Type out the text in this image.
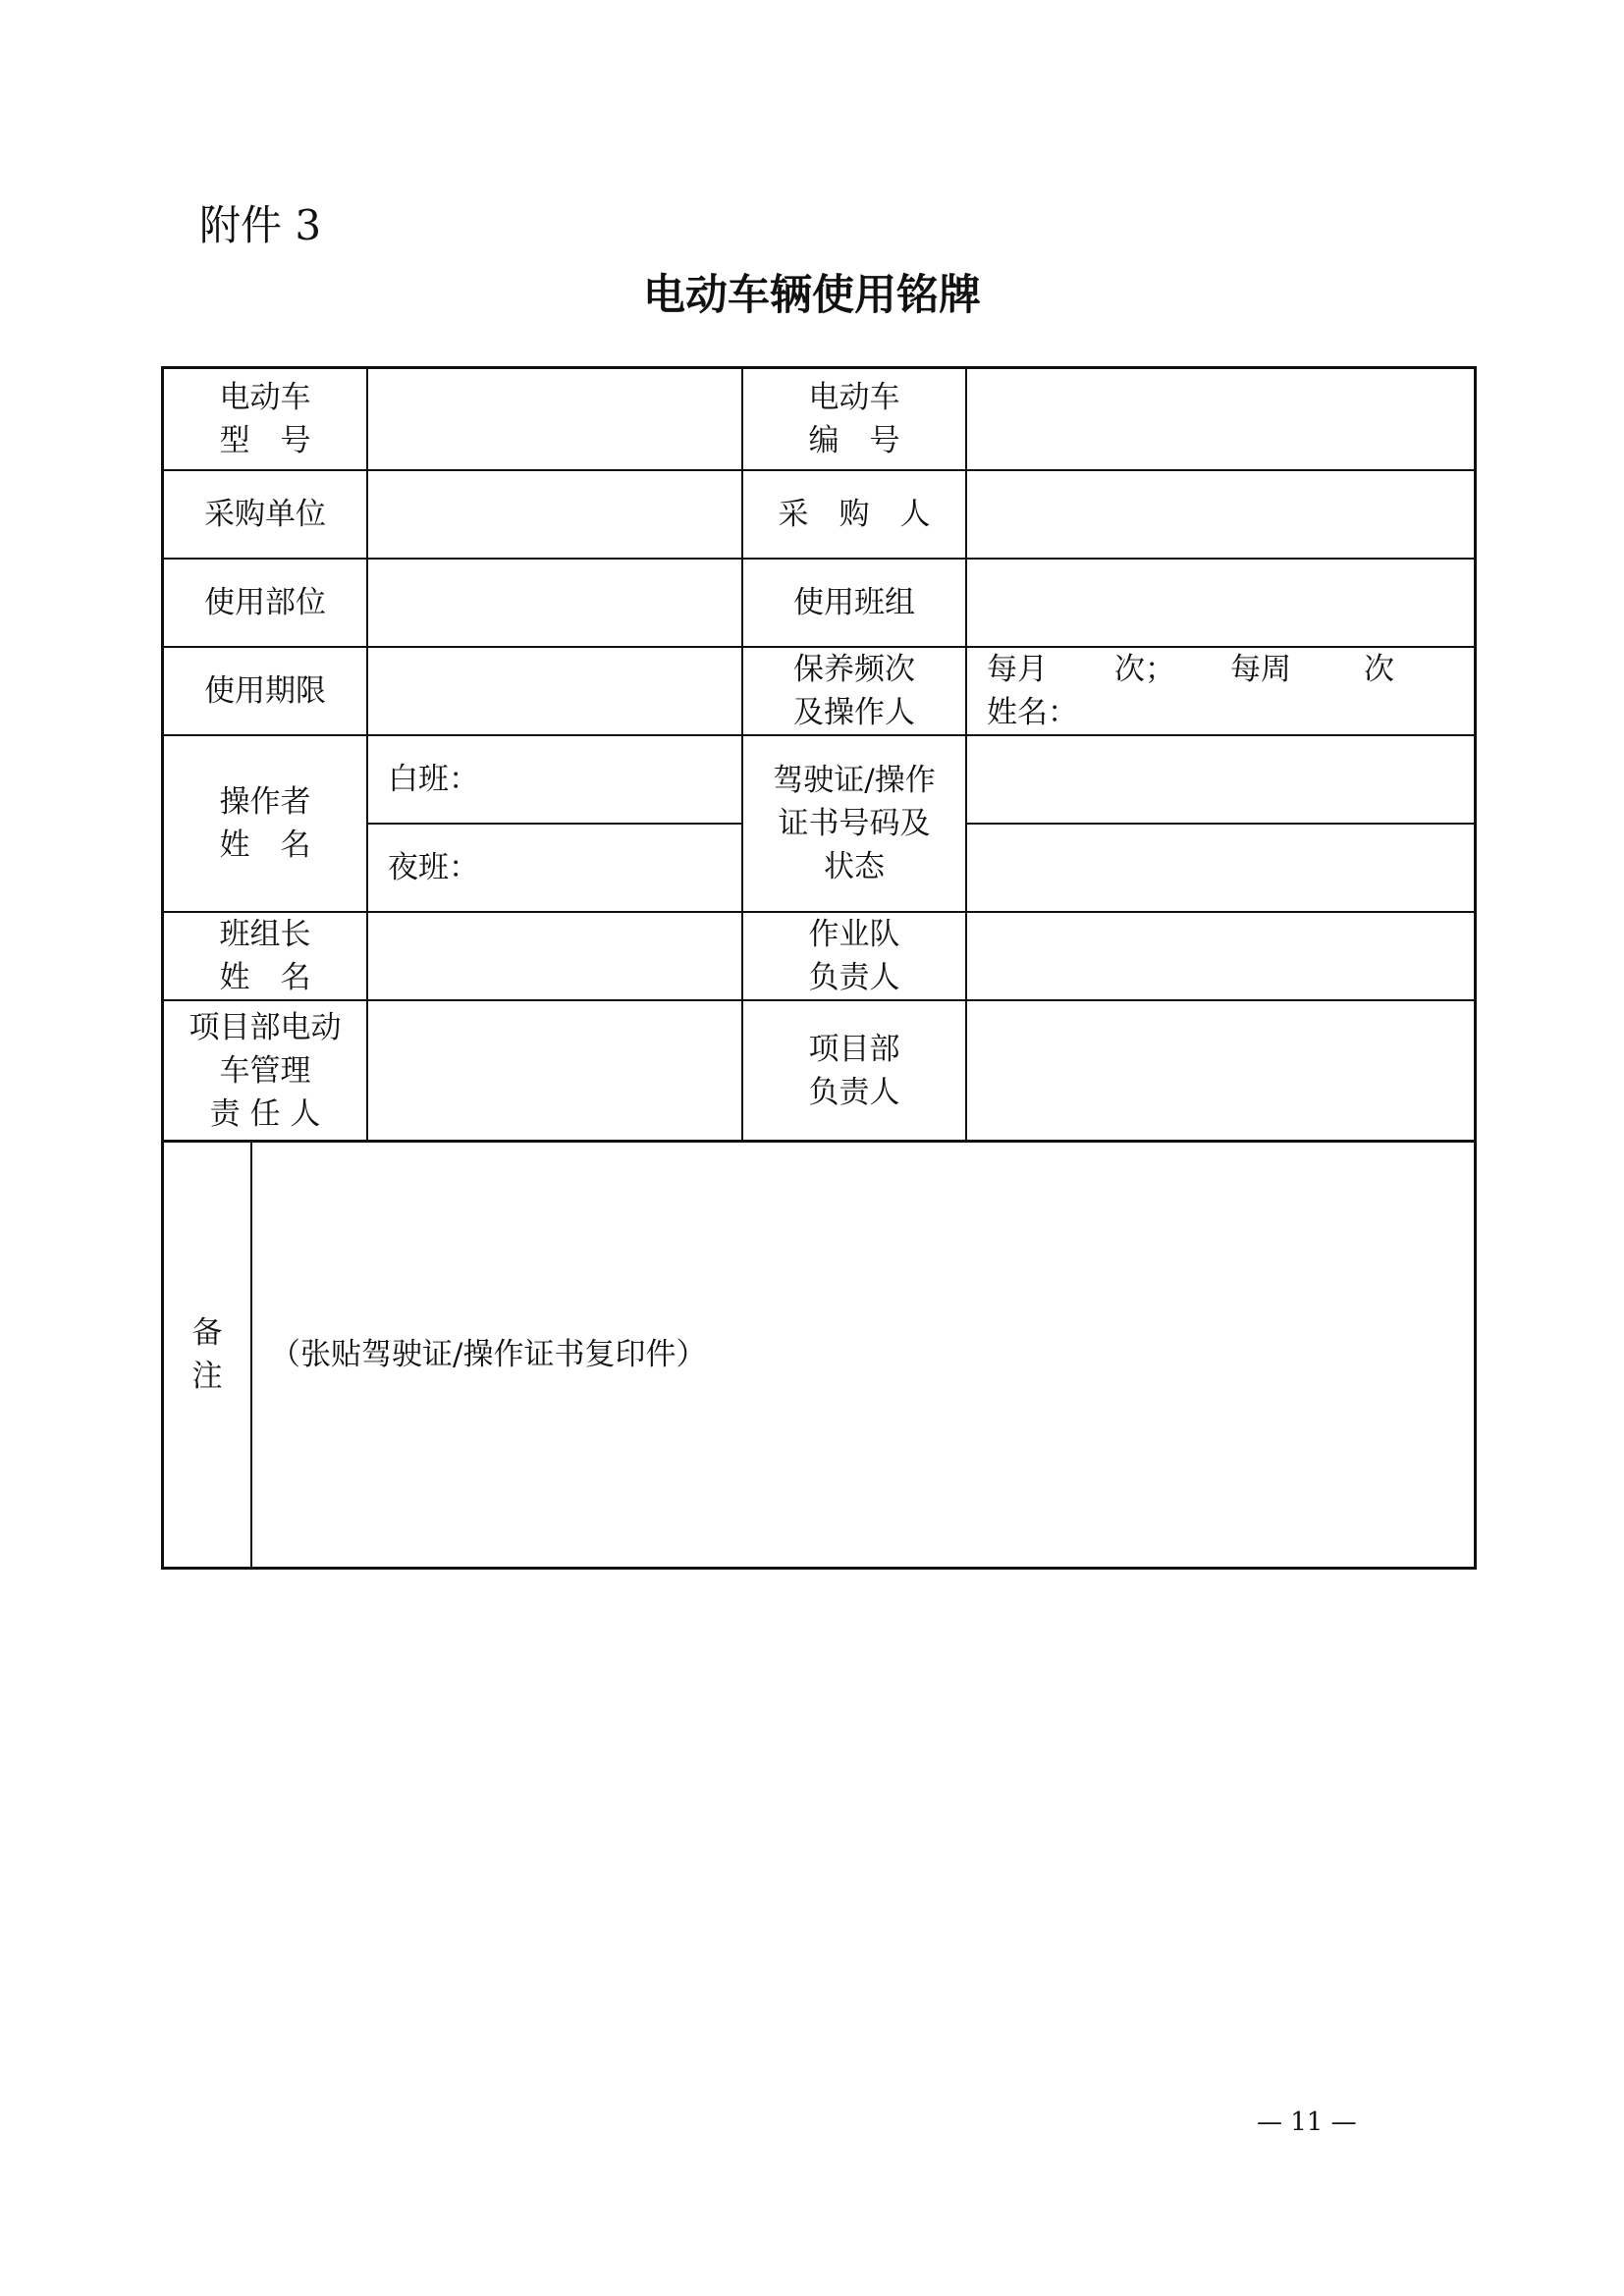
附件 3
电动车辆使用铭牌
电动车
型　号
电动车
编　号
采购单位	采　购　人
使用部位	使用班组
使用期限
保养频次
及操作人
每月 次； 每周 次
姓名：
操作者
姓　名
白班：
夜班：
驾驶证/操作
证书号码及
状态
班组长
姓　名
作业队
负责人
项目部电动
车管理
责 任 人
项目部
负责人
备
注
（张贴驾驶证/操作证书复印件）
— 11 —
